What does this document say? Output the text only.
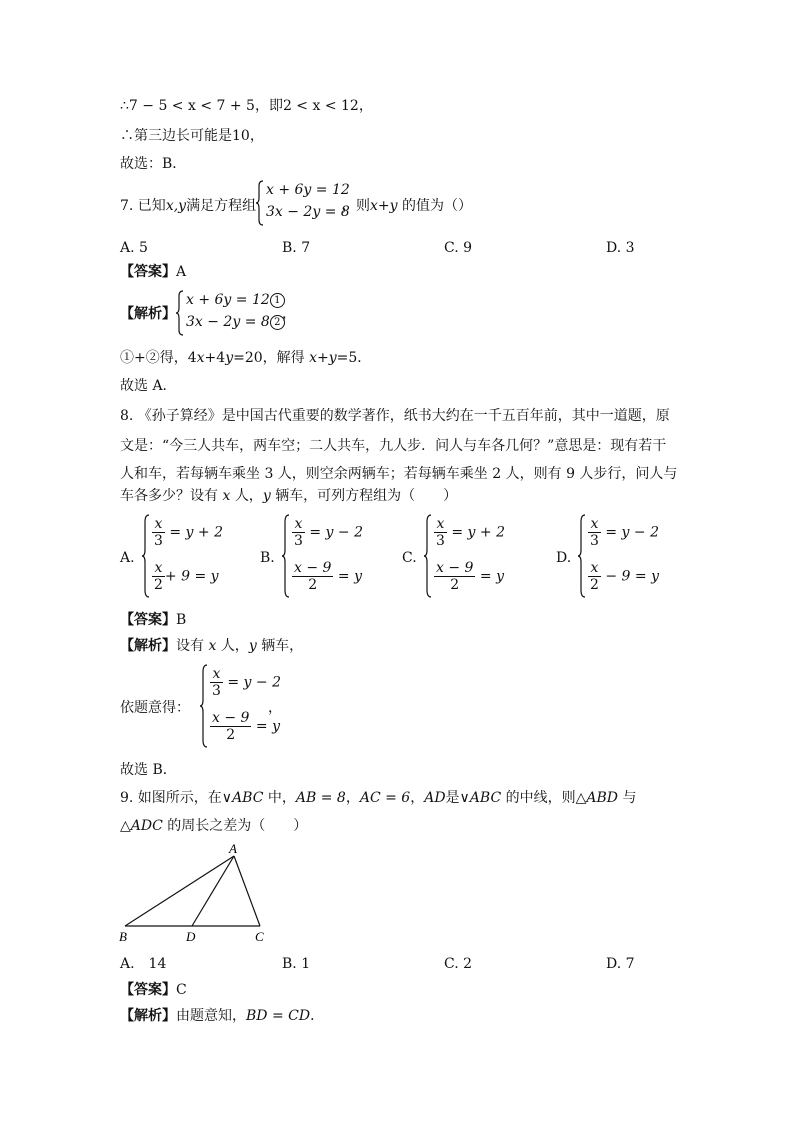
∴7 − 5 < x < 7 + 5，即2 < x < 12，
∴第三边长可能是10，
故选：B．
7. 已知x,y满足方程组
x + 6y = 12
3x − 2y = 8
，则x+y 的值为（）
A. 5	B. 7	C. 9	D. 3
【答案】A
【解析】
x + 6y = 12 1
3x − 2y = 8 2 ，
①+②得，4x+4y=20，解得 x+y=5．
故选 A．
8. 《孙子算经》是中国古代重要的数学著作，纸书大约在一千五百年前，其中一道题，原
文是：“今三人共车，两车空；二人共车，九人步．问人与车各几何？”意思是：现有若干
人和车，若每辆车乘坐 3 人，则空余两辆车；若每辆车乘坐 2 人，则有 9 人步行，问人与
车各多少？设有 x 人，y 辆车，可列方程组为（　　）
A.
$\frac{x}{3} = y + 2$
$\frac{x}{2} + 9 = y$
B.
$\frac{x}{3} = y - 2$
$\frac{x - 9}{2} = y$
C.
$\frac{x}{3} = y + 2$
$\frac{x - 9}{2} = y$
D.
$\frac{x}{3} = y - 2$
$\frac{x}{2} - 9 = y$
【答案】B
【解析】设有 x 人，y 辆车，
依题意得：
$\frac{x}{3} = y - 2$
$\frac{x - 9}{2} = y$
，
故选 B．
9. 如图所示，在∨ABC 中，AB = 8，AC = 6，AD是∨ABC 的中线，则△ABD 与
△ADC 的周长之差为（　　）
A
B	D	C
A.　14	B. 1	C. 2	D. 7
【答案】C
【解析】由题意知，BD = CD．
